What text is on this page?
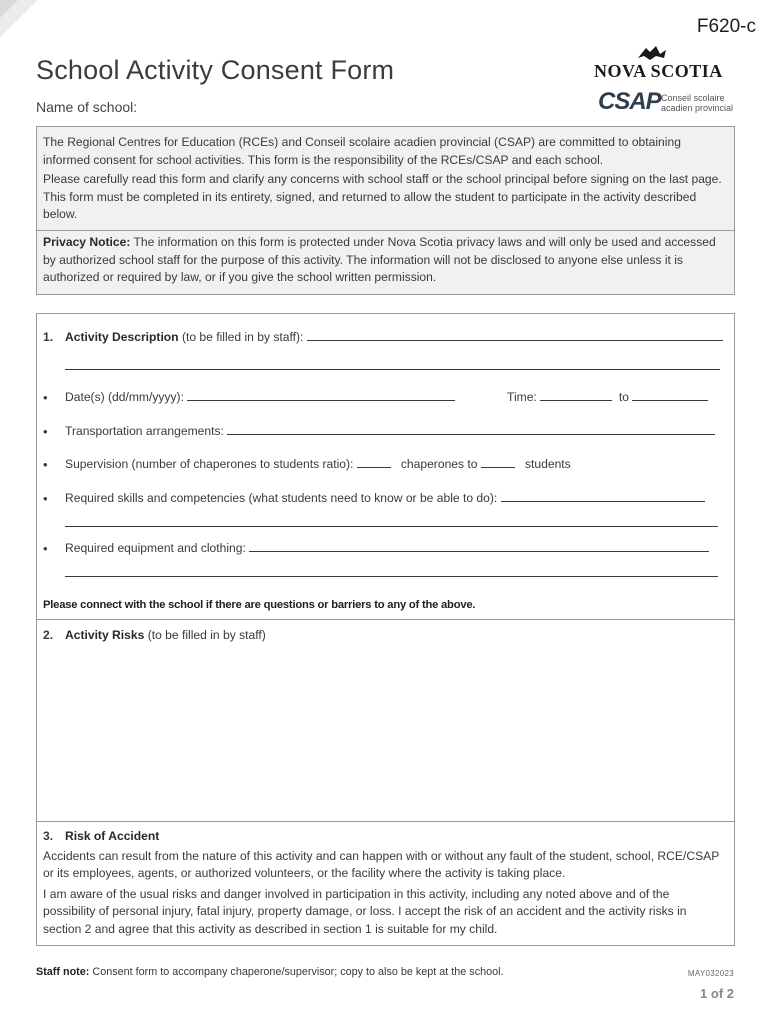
F620-c
School Activity Consent Form
Name of school:
NOVA SCOTIA
CSAP Conseil scolaire
acadien provincial

The Regional Centres for Education (RCEs) and Conseil scolaire acadien provincial (CSAP) are committed to obtaining informed consent for school activities. This form is the responsibility of the RCEs/CSAP and each school.

Please carefully read this form and clarify any concerns with school staff or the school principal before signing on the last page. This form must be completed in its entirety, signed, and returned to allow the student to participate in the activity described below.

Privacy Notice: The information on this form is protected under Nova Scotia privacy laws and will only be used and accessed by authorized school staff for the purpose of this activity. The information will not be disclosed to anyone else unless it is authorized or required by law, or if you give the school written permission.
1. Activity Description (to be filled in by staff):
• Date(s) (dd/mm/yyyy):	Time:	to
• Transportation arrangements:
• Supervision (number of chaperones to students ratio):	chaperones to	students
• Required skills and competencies (what students need to know or be able to do):
• Required equipment and clothing:
Please connect with the school if there are questions or barriers to any of the above.
2. Activity Risks (to be filled in by staff)
3. Risk of Accident
Accidents can result from the nature of this activity and can happen with or without any fault of the student, school, RCE/CSAP or its employees, agents, or authorized volunteers, or the facility where the activity is taking place.
I am aware of the usual risks and danger involved in participation in this activity, including any noted above and of the possibility of personal injury, fatal injury, property damage, or loss. I accept the risk of an accident and the activity risks in section 2 and agree that this activity as described in section 1 is suitable for my child.
Staff note: Consent form to accompany chaperone/supervisor; copy to also be kept at the school.	MAY032023
1 of 2
